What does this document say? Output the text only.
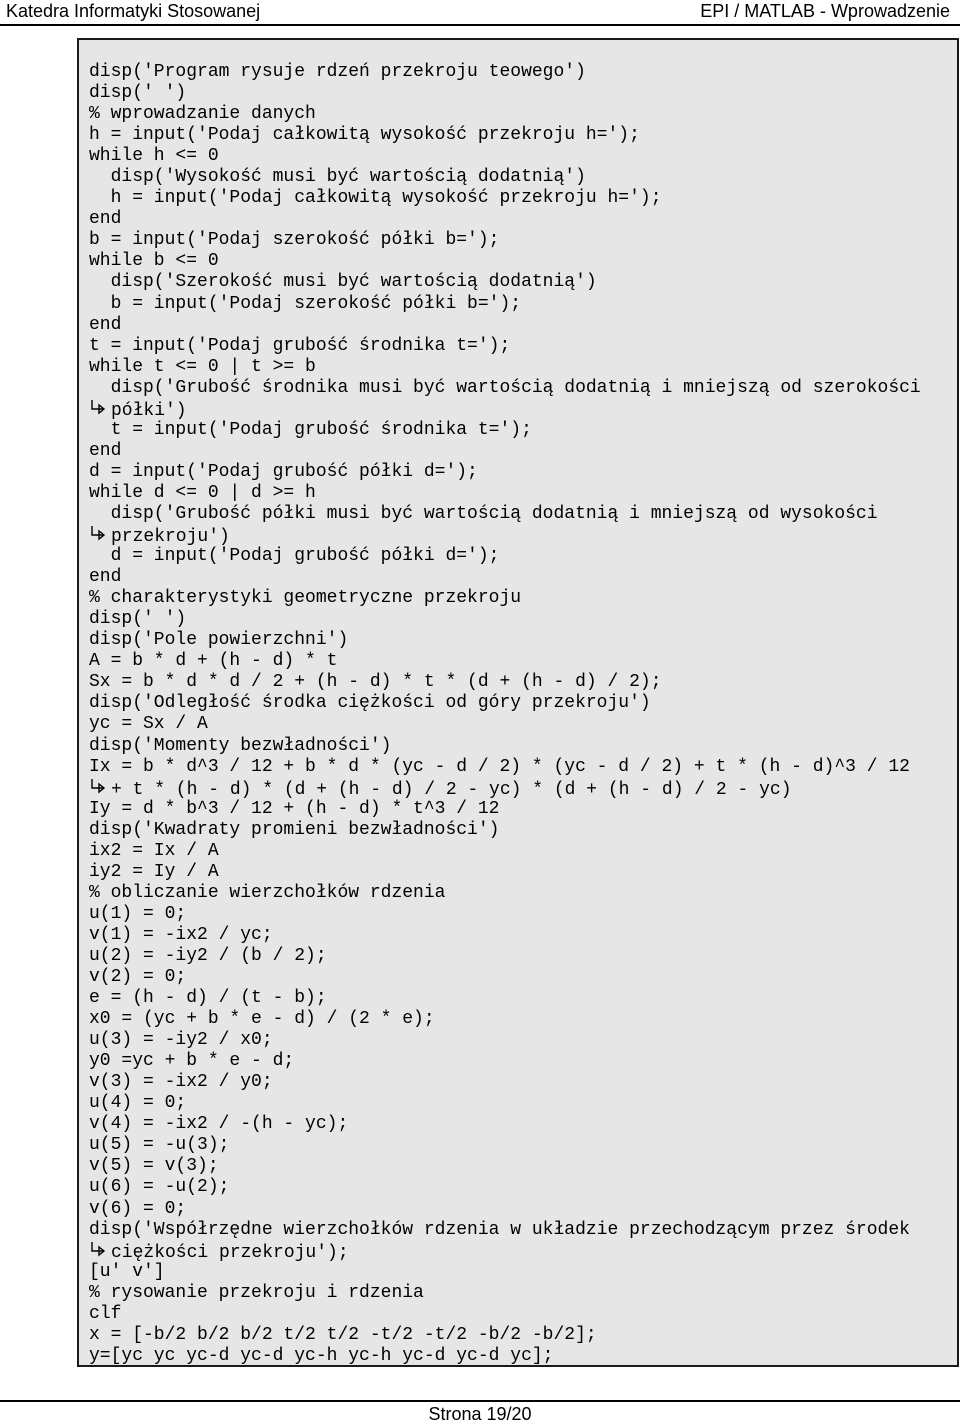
Katedra Informatyki Stosowanej	EPI / MATLAB - Wprowadzenie
disp('Program rysuje rdzeń przekroju teowego')
disp(' ')
% wprowadzanie danych
h = input('Podaj całkowitą wysokość przekroju h=');
while h <= 0
disp('Wysokość musi być wartością dodatnią')
h = input('Podaj całkowitą wysokość przekroju h=');
end
b = input('Podaj szerokość półki b=');
while b <= 0
disp('Szerokość musi być wartością dodatnią')
b = input('Podaj szerokość półki b=');
end
t = input('Podaj grubość środnika t=');
while t <= 0 | t >= b
disp('Grubość środnika musi być wartością dodatnią i mniejszą od szerokości
półki')
t = input('Podaj grubość środnika t=');
end
d = input('Podaj grubość półki d=');
while d <= 0 | d >= h
disp('Grubość półki musi być wartością dodatnią i mniejszą od wysokości
przekroju')
d = input('Podaj grubość półki d=');
end
% charakterystyki geometryczne przekroju
disp(' ')
disp('Pole powierzchni')
A = b * d + (h - d) * t
Sx = b * d * d / 2 + (h - d) * t * (d + (h - d) / 2);
disp('Odległość środka ciężkości od góry przekroju')
yc = Sx / A
disp('Momenty bezwładności')
Ix = b * d^3 / 12 + b * d * (yc - d / 2) * (yc - d / 2) + t * (h - d)^3 / 12
+ t * (h - d) * (d + (h - d) / 2 - yc) * (d + (h - d) / 2 - yc)
Iy = d * b^3 / 12 + (h - d) * t^3 / 12
disp('Kwadraty promieni bezwładności')
ix2 = Ix / A
iy2 = Iy / A
% obliczanie wierzchołków rdzenia
u(1) = 0;
v(1) = -ix2 / yc;
u(2) = -iy2 / (b / 2);
v(2) = 0;
e = (h - d) / (t - b);
x0 = (yc + b * e - d) / (2 * e);
u(3) = -iy2 / x0;
y0 =yc + b * e - d;
v(3) = -ix2 / y0;
u(4) = 0;
v(4) = -ix2 / -(h - yc);
u(5) = -u(3);
v(5) = v(3);
u(6) = -u(2);
v(6) = 0;
disp('Współrzędne wierzchołków rdzenia w układzie przechodzącym przez środek
ciężkości przekroju');
[u' v']
% rysowanie przekroju i rdzenia
clf
x = [-b/2 b/2 b/2 t/2 t/2 -t/2 -t/2 -b/2 -b/2];
y=[yc yc yc-d yc-d yc-h yc-h yc-d yc-d yc];
Strona 19/20
